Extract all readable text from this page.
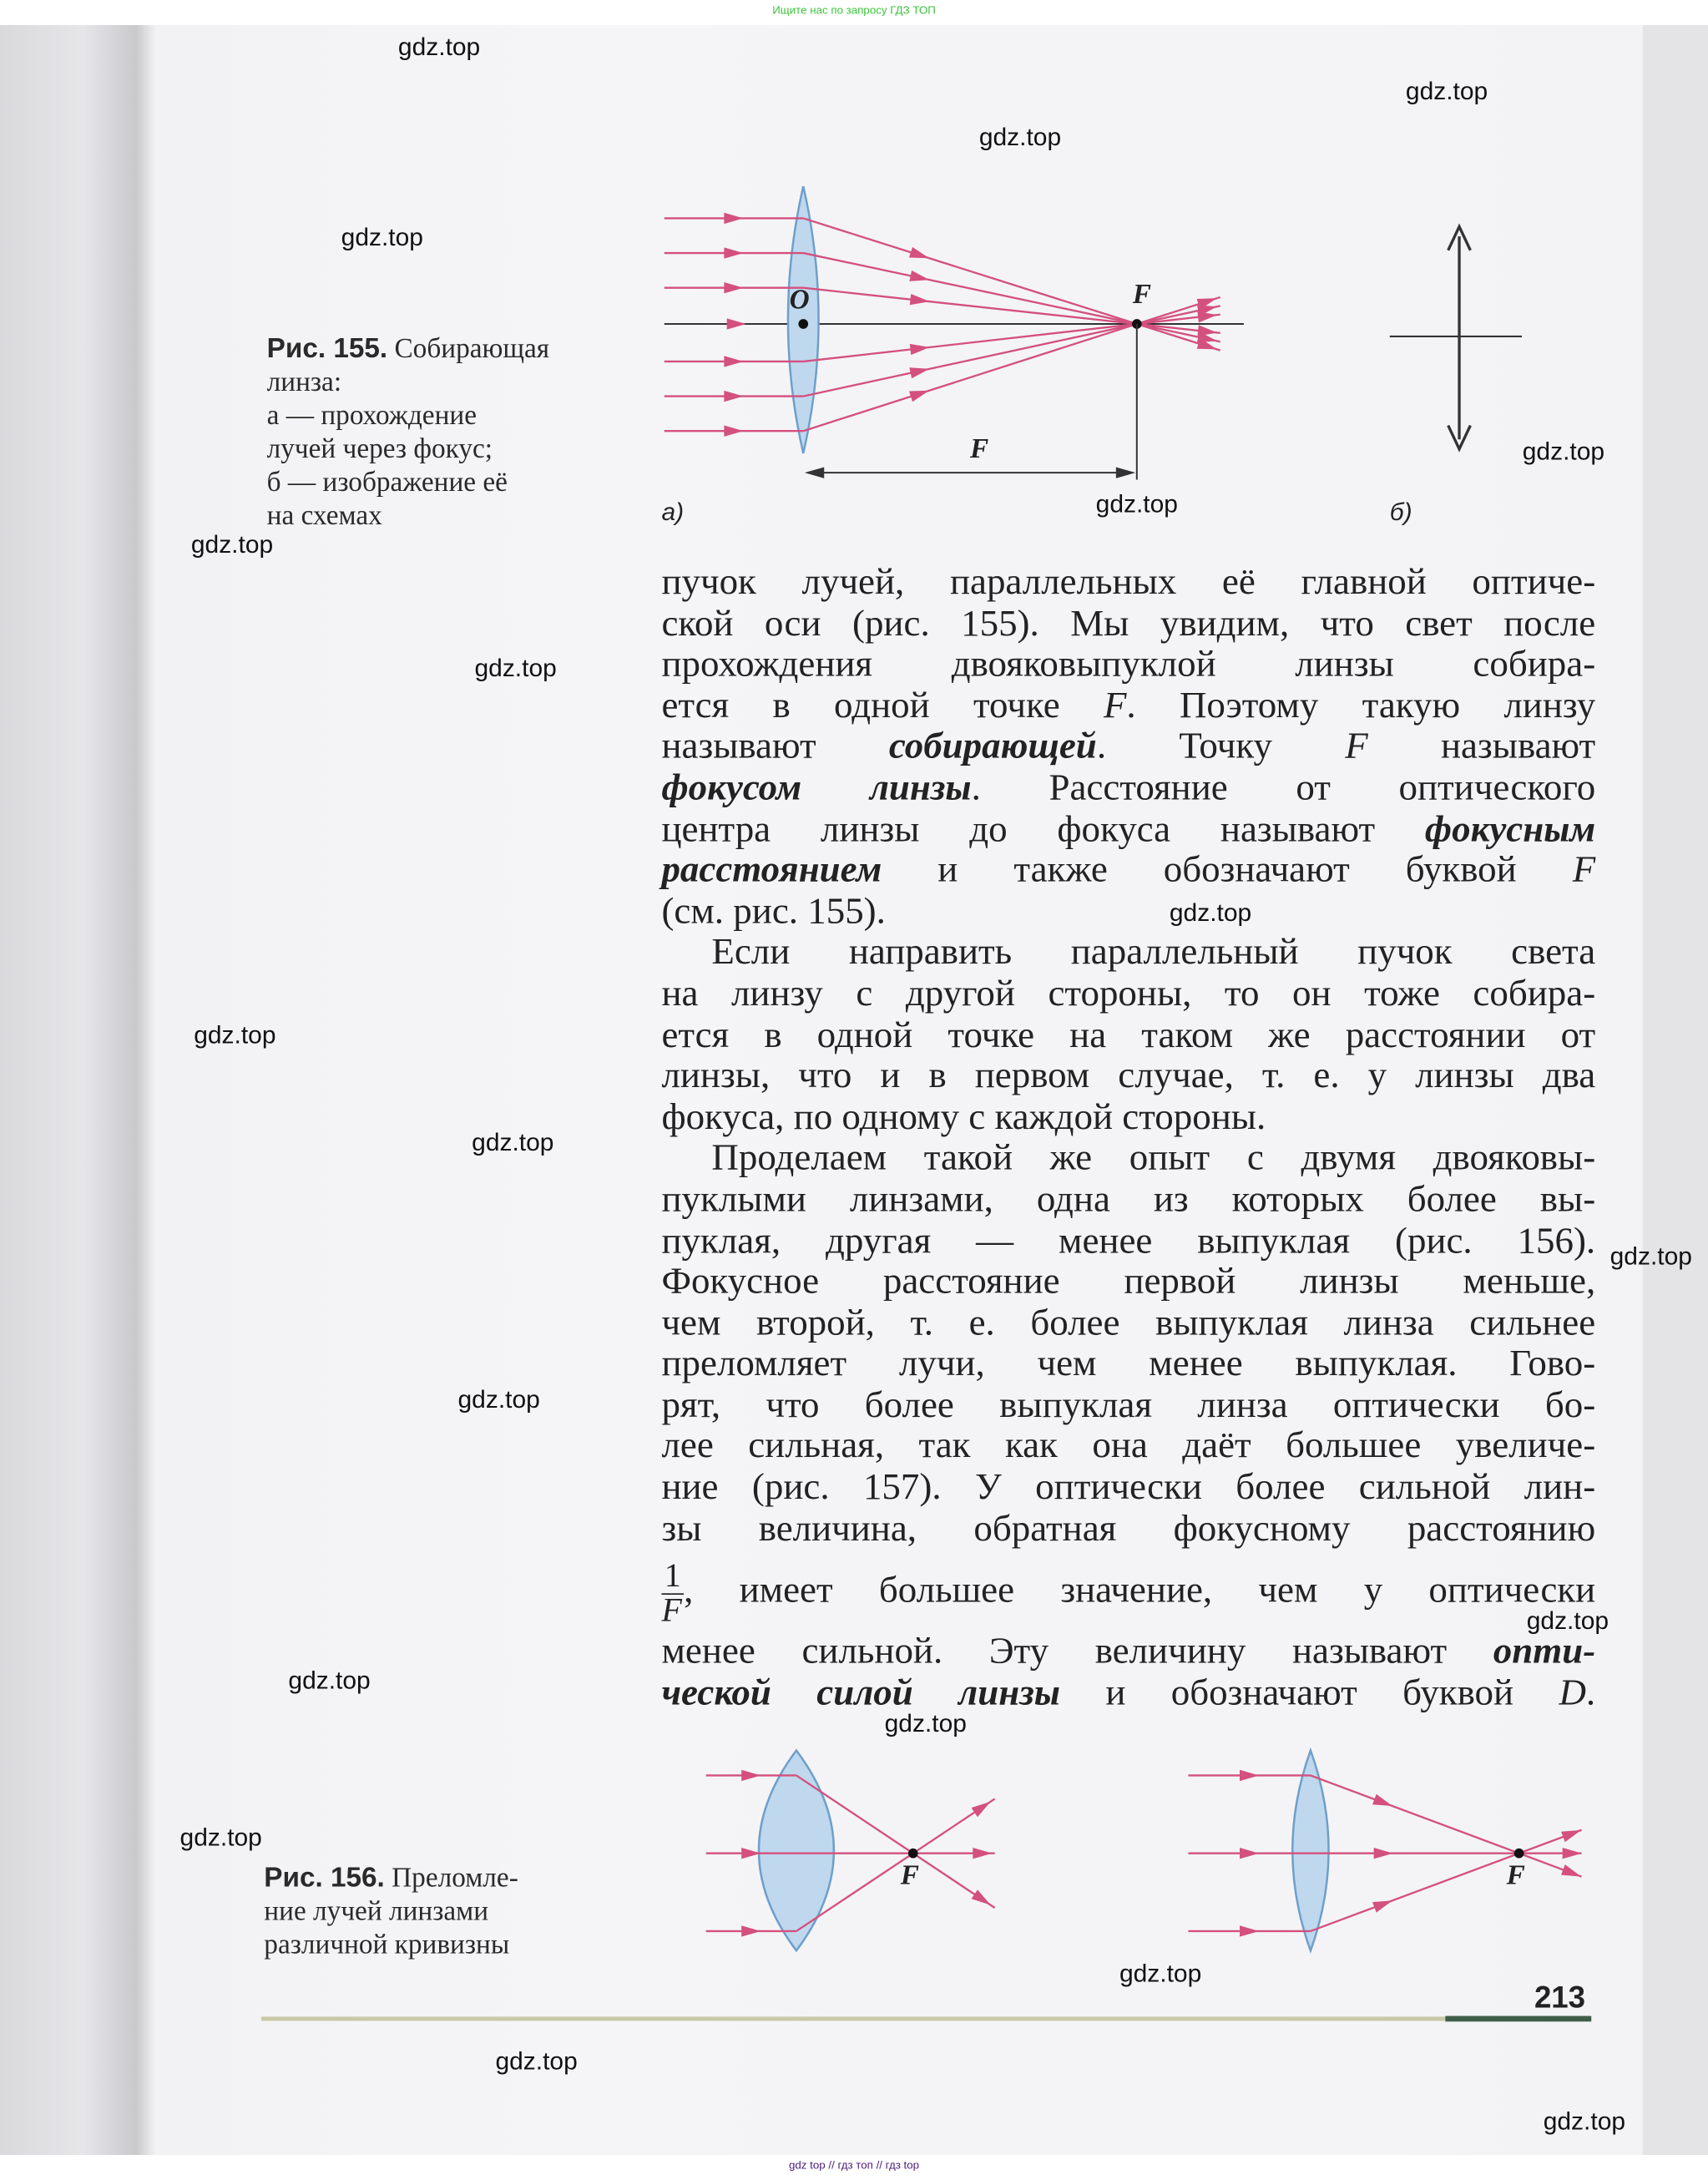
Ищите нас по запросу ГДЗ ТОП
O	F
F
а)	б)
F	F
Рис. 155. Собирающая
линза:
а — прохождение
лучей через фокус;
б — изображение её
на схемах
Рис. 156. Преломле-
ние лучей линзами
различной кривизны
пучок лучей, параллельных её главной оптиче-
ской оси (рис. 155). Мы увидим, что свет после
прохождения двояковыпуклой линзы собира-
ется в одной точке F. Поэтому такую линзу
называют собирающей. Точку F называют
фокусом линзы. Расстояние от оптического
центра линзы до фокуса называют фокусным
расстоянием и также обозначают буквой F
(см. рис. 155).
Если направить параллельный пучок света
на линзу с другой стороны, то он тоже собира-
ется в одной точке на таком же расстоянии от
линзы, что и в первом случае, т. е. у линзы два
фокуса, по одному с каждой стороны.
Проделаем такой же опыт с двумя двояковы-
пуклыми линзами, одна из которых более вы-
пуклая, другая — менее выпуклая (рис. 156).
Фокусное расстояние первой линзы меньше,
чем второй, т. е. более выпуклая линза сильнее
преломляет лучи, чем менее выпуклая. Гово-
рят, что более выпуклая линза оптически бо-
лее сильная, так как она даёт большее увеличе-
ние (рис. 157). У оптически более сильной лин-
зы величина, обратная фокусному расстоянию
$\frac{1}{F}$ , имеет большее значение, чем у оптически
менее сильной. Эту величину называют опти-
ческой силой линзы и обозначают буквой D.
213
gdz.top
gdz.top
gdz.top
gdz.top
gdz.top
gdz.top
gdz.top
gdz.top
gdz.top
gdz.top
gdz.top
gdz.top
gdz.top
gdz.top
gdz.top
gdz.top
gdz.top
gdz.top
gdz.top
gdz.top
gdz top // гдз топ // гдз top
